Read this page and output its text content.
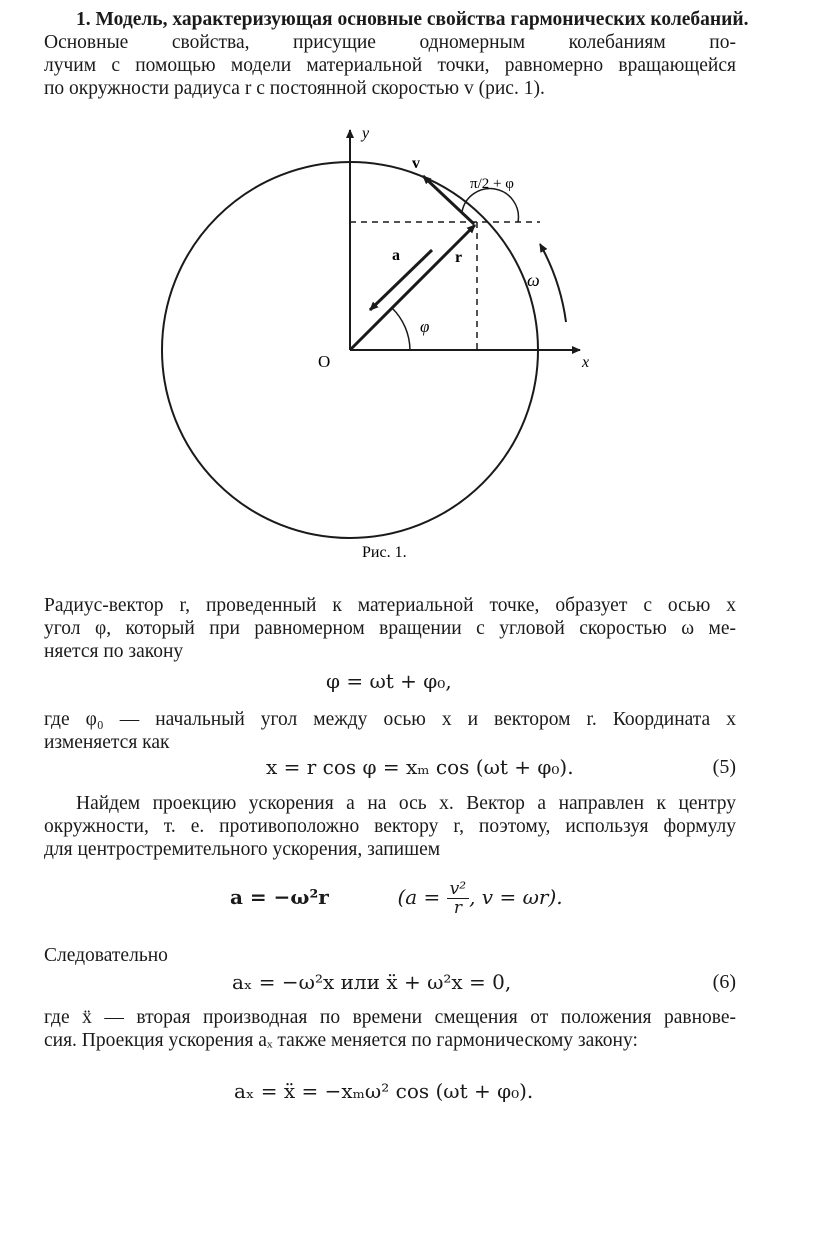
1. Модель, характеризующая основные свойства гармонических колебаний.
Основные свойства, присущие одномерным колебаниям по-
лучим с помощью модели материальной точки, равномерно вращающейся
по окружности радиуса r с постоянной скоростью v (рис. 1).
y
x
O
v
a	r
ω
φ
π/2 + φ
Рис. 1.
Радиус-вектор r, проведенный к материальной точке, образует с осью x
угол φ, который при равномерном вращении с угловой скоростью ω ме-
няется по закону
φ = ωt + φ₀,
где φ₀ — начальный угол между осью x и вектором r. Координата x
изменяется как
x = r cos φ = xₘ cos (ωt + φ₀).	(5)
Найдем проекцию ускорения a на ось x. Вектор a направлен к центру
окружности, т. е. противоположно вектору r, поэтому, используя формулу
для центростремительного ускорения, запишем
a = −ω²r	($a = \frac{\text{v²}}{r}$ , v = ωr).
Следовательно
aₓ = −ω²x или ẍ + ω²x = 0,	(6)
где ẍ — вторая производная по времени смещения от положения равнове-
сия. Проекция ускорения aₓ также меняется по гармоническому закону:
aₓ = ẍ = −xₘω² cos (ωt + φ₀).
